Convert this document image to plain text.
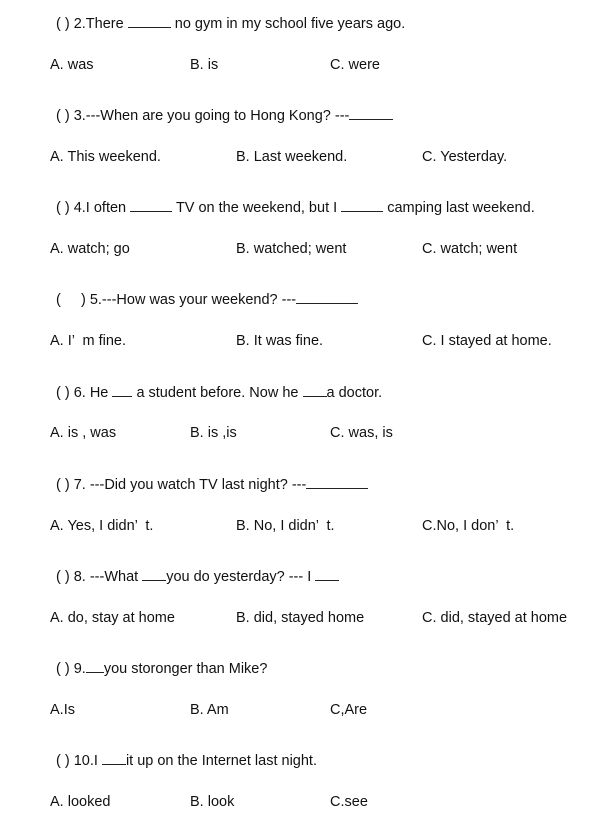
( ) 2.There	no gym in my school five years ago.
A. was	B. is	C. were
( ) 3.---When are you going to Hong Kong? ---
A. This weekend.	B. Last weekend.	C. Yesterday.
( ) 4.I often	TV on the weekend, but I	camping last weekend.
A. watch; go	B. watched; went	C. watch; went
(     ) 5.---How was your weekend? ---
A. I’  m fine.	B. It was fine.	C. I stayed at home.
( ) 6. He a student before. Now he a doctor.
A. is , was	B. is ,is	C. was, is
( ) 7. ---Did you watch TV last night? ---
A. Yes, I didn’  t.	B. No, I didn’  t.	C.No, I don’  t.
( ) 8. ---What you do yesterday? --- I
A. do, stay at home	B. did, stayed home	C. did, stayed at home
( ) 9. you storonger than Mike?
A.Is	B. Am	C,Are
( ) 10.I it up on the Internet last night.
A. looked	B. look	C.see
